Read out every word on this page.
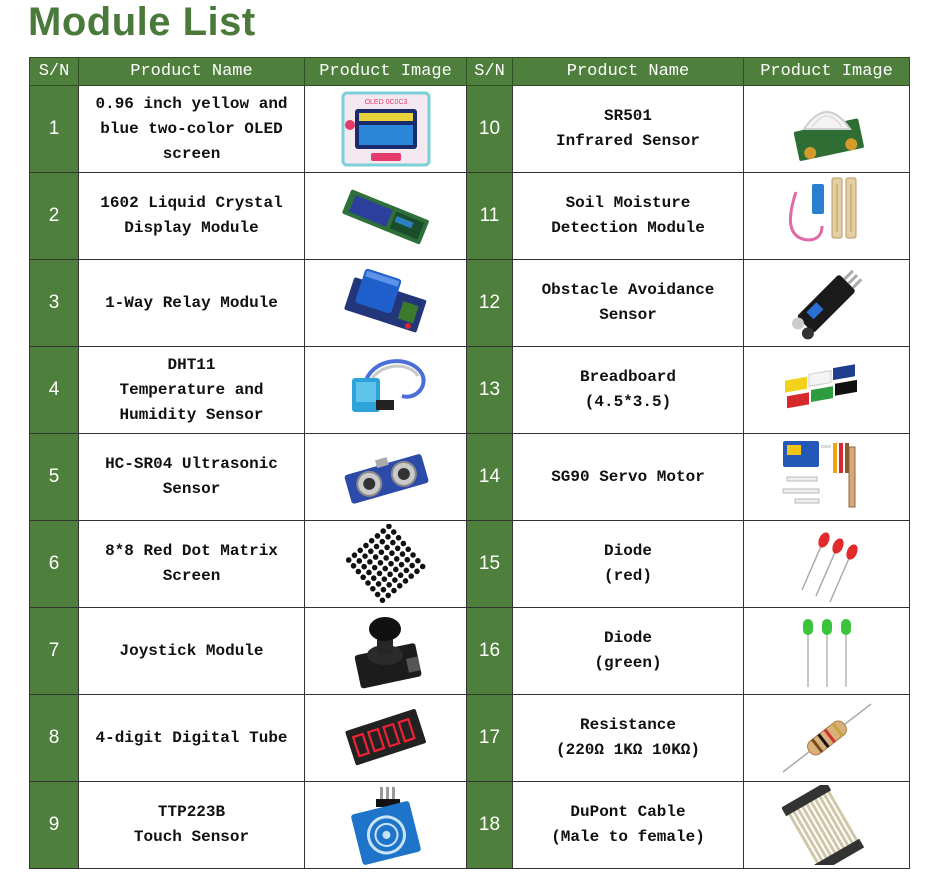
Module List
S/N	Product Name	Product Image	S/N	Product Name	Product Image
1	0.96 inch yellow and
blue two-color OLED
screen	OLED 0C0C3	10	SR501
Infrared Sensor

2	1602 Liquid Crystal
Display Module		11	Soil Moisture
Detection Module

3	1-Way Relay Module		12	Obstacle Avoidance
Sensor

4	DHT11
Temperature and
Humidity Sensor		13	Breadboard
(4.5*3.5)

5	HC-SR04 Ultrasonic
Sensor		14	SG90 Servo Motor

6	8*8 Red Dot Matrix
Screen		15	Diode
(red)

7	Joystick Module		16	Diode
(green)

8	4-digit Digital Tube		17	Resistance
(220Ω 1KΩ 10KΩ)

9	TTP223B
Touch Sensor		18	DuPont Cable
(Male to female)
